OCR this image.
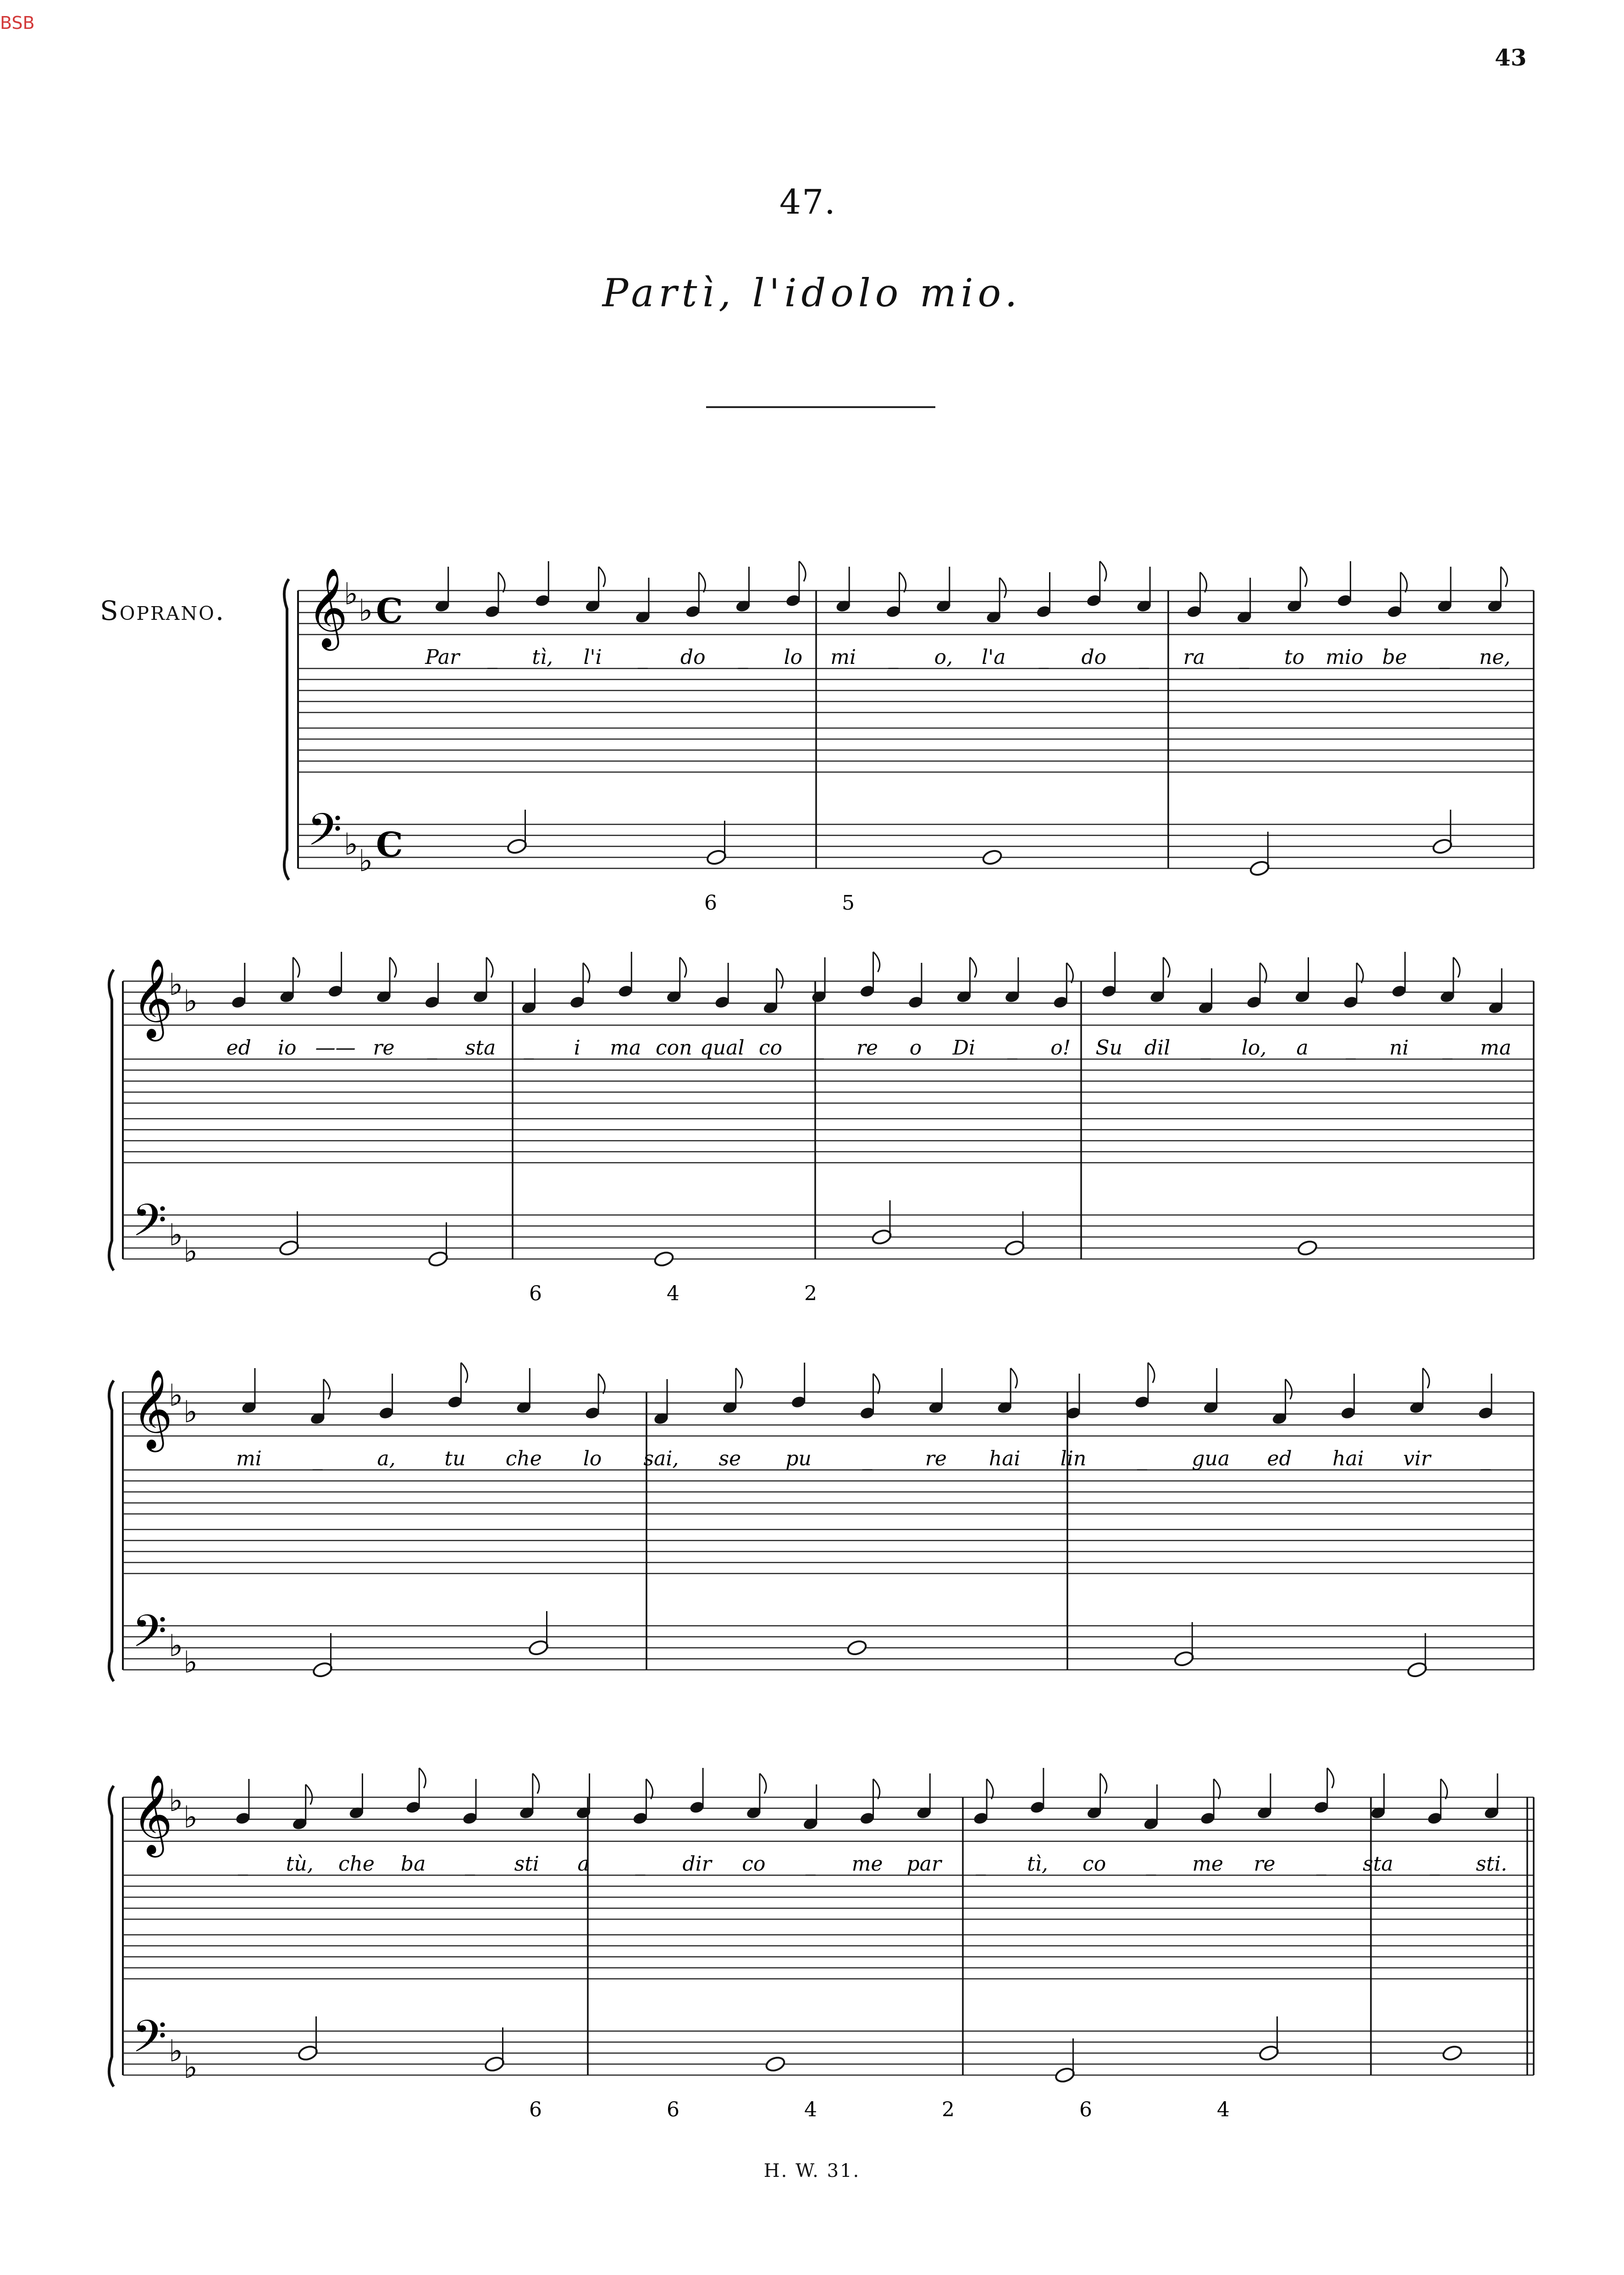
BSB
43
47.
Partì, l'idolo mio.
Soprano. 𝄞
𝄢
♭ ♭
♭ ♭
C
C
Par _ tì, l'i _ do _ lo mi _ o, l'a _ do _ ra _ to mio be _ ne,
6	5
𝄞
𝄢
♭ ♭
♭ ♭
ed io —— re _ sta _ i ma con qual co _ re o Di _ o! Su dil _ lo, a _ ni _ ma
6	4	2
𝄞
𝄢
♭ ♭
♭ ♭
mi	_	a, tu che lo sai, se pu	_	re hai lin	_ gua ed hai vir _
𝄞
𝄢
♭ ♭
♭ ♭
_ tù, che ba _ sti a _ dir co _ me par _ tì, co _ me re _ sta _ sti.
6	6	4	2	6	4
H. W. 31.
